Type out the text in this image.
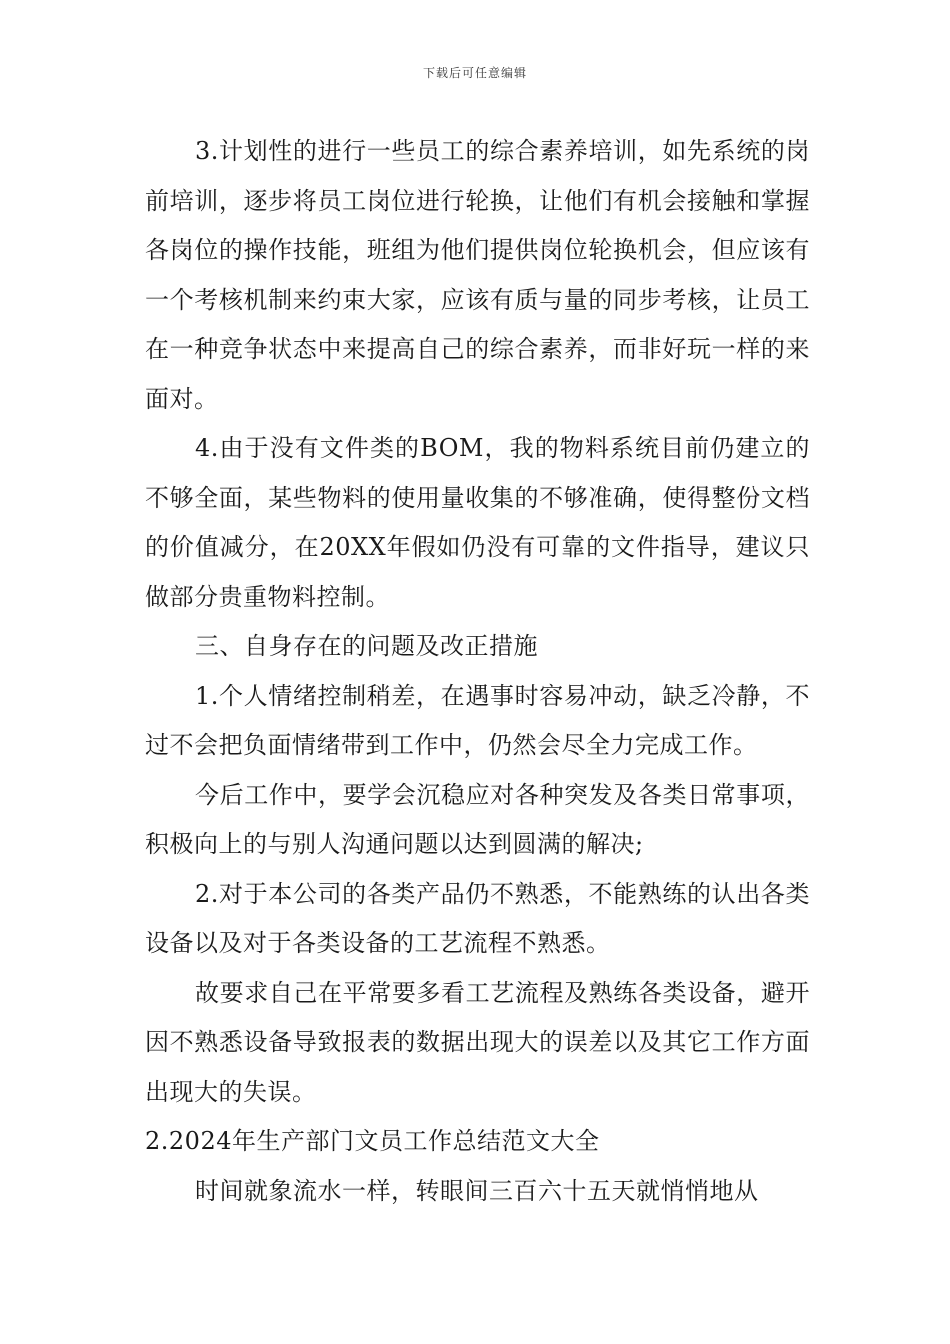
下载后可任意编辑

3.计划性的进行一些员工的综合素养培训，如先系统的岗前培训，逐步将员工岗位进行轮换，让他们有机会接触和掌握各岗位的操作技能，班组为他们提供岗位轮换机会，但应该有一个考核机制来约束大家，应该有质与量的同步考核，让员工在一种竞争状态中来提高自己的综合素养，而非好玩一样的来面对。

4.由于没有文件类的BOM，我的物料系统目前仍建立的不够全面，某些物料的使用量收集的不够准确，使得整份文档的价值减分，在20XX年假如仍没有可靠的文件指导，建议只做部分贵重物料控制。

三、自身存在的问题及改正措施

1.个人情绪控制稍差，在遇事时容易冲动，缺乏冷静，不过不会把负面情绪带到工作中，仍然会尽全力完成工作。

今后工作中，要学会沉稳应对各种突发及各类日常事项，积极向上的与别人沟通问题以达到圆满的解决;

2.对于本公司的各类产品仍不熟悉，不能熟练的认出各类设备以及对于各类设备的工艺流程不熟悉。

故要求自己在平常要多看工艺流程及熟练各类设备，避开因不熟悉设备导致报表的数据出现大的误差以及其它工作方面出现大的失误。

2.2024年生产部门文员工作总结范文大全

时间就象流水一样，转眼间三百六十五天就悄悄地从
